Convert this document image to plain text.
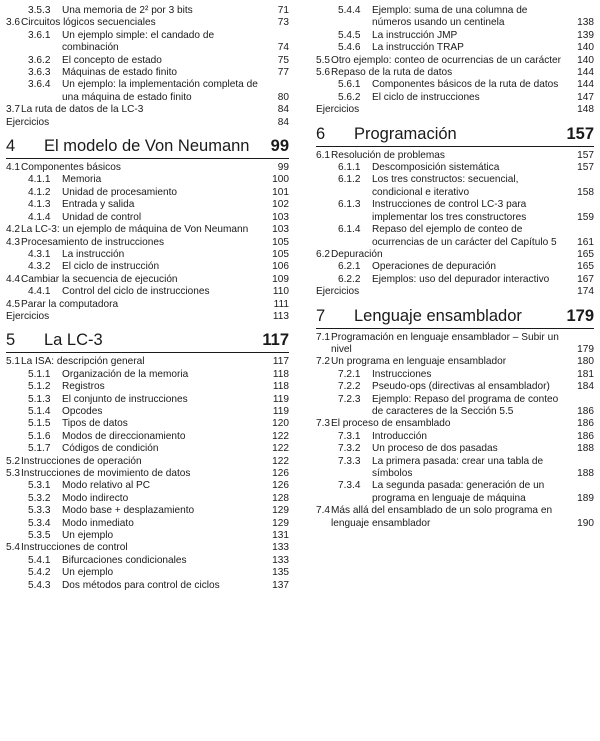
3.5.3	Una memoria de 2² por 3 bits	71
3.6 Circuitos lógicos secuenciales	73
3.6.1	Un ejemplo simple: el candado de combinación	74
3.6.2	El concepto de estado	75
3.6.3	Máquinas de estado finito	77
3.6.4	Un ejemplo: la implementación completa de una máquina de estado finito	80
3.7 La ruta de datos de la LC-3	84
Ejercicios	84
4 El modelo de Von Neumann 99
4.1 Componentes básicos	99
4.1.1	Memoria	100
4.1.2	Unidad de procesamiento	101
4.1.3	Entrada y salida	102
4.1.4	Unidad de control	103
4.2 La LC-3: un ejemplo de máquina de Von Neumann	103
4.3 Procesamiento de instrucciones	105
4.3.1	La instrucción	105
4.3.2	El ciclo de instrucción	106
4.4 Cambiar la secuencia de ejecución	109
4.4.1	Control del ciclo de instrucciones	110
4.5 Parar la computadora	111
Ejercicios	113
5 La LC-3	117
5.1 La ISA: descripción general	117
5.1.1	Organización de la memoria	118
5.1.2	Registros	118
5.1.3	El conjunto de instrucciones	119
5.1.4	Opcodes	119
5.1.5	Tipos de datos	120
5.1.6	Modos de direccionamiento	122
5.1.7	Códigos de condición	122
5.2 Instrucciones de operación	122
5.3 Instrucciones de movimiento de datos	126
5.3.1	Modo relativo al PC	126
5.3.2	Modo indirecto	128
5.3.3	Modo base + desplazamiento	129
5.3.4	Modo inmediato	129
5.3.5	Un ejemplo	131
5.4 Instrucciones de control	133
5.4.1	Bifurcaciones condicionales	133
5.4.2	Un ejemplo	135
5.4.3	Dos métodos para control de ciclos	137
5.4.4	Ejemplo: suma de una columna de números usando un centinela	138
5.4.5	La instrucción JMP	139
5.4.6	La instrucción TRAP	140
5.5 Otro ejemplo: conteo de ocurrencias de un carácter	140
5.6 Repaso de la ruta de datos	144
5.6.1	Componentes básicos de la ruta de datos	144
5.6.2	El ciclo de instrucciones	147
Ejercicios	148
6 Programación	157
6.1 Resolución de problemas	157
6.1.1	Descomposición sistemática	157
6.1.2	Los tres constructos: secuencial, condicional e iterativo	158
6.1.3	Instrucciones de control LC-3 para implementar los tres constructores	159
6.1.4	Repaso del ejemplo de conteo de ocurrencias de un carácter del Capítulo 5	161
6.2 Depuración	165
6.2.1	Operaciones de depuración	165
6.2.2	Ejemplos: uso del depurador interactivo	167
Ejercicios	174
7 Lenguaje ensamblador	179
7.1 Programación en lenguaje ensamblador – Subir un nivel	179
7.2 Un programa en lenguaje ensamblador	180
7.2.1	Instrucciones	181
7.2.2	Pseudo-ops (directivas al ensamblador)	184
7.2.3	Ejemplo: Repaso del programa de conteo de caracteres de la Sección 5.5	186
7.3 El proceso de ensamblado	186
7.3.1	Introducción	186
7.3.2	Un proceso de dos pasadas	188
7.3.3	La primera pasada: crear una tabla de símbolos	188
7.3.4	La segunda pasada: generación de un programa en lenguaje de máquina	189
7.4 Más allá del ensamblado de un solo programa en lenguaje ensamblador	190
